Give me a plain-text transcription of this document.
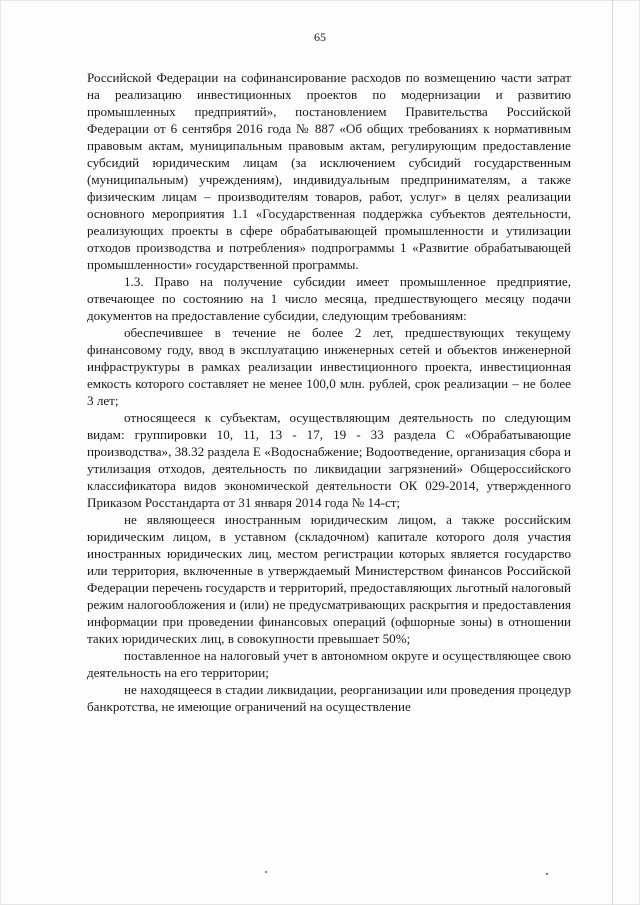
65

Российской Федерации на софинансирование расходов по возмещению части затрат на реализацию инвестиционных проектов по модернизации и развитию промышленных предприятий», постановлением Правительства Российской Федерации от 6 сентября 2016 года № 887 «Об общих требованиях к нормативным правовым актам, муниципальным правовым актам, регулирующим предоставление субсидий юридическим лицам (за исключением субсидий государственным (муниципальным) учреждениям), индивидуальным предпринимателям, а также физическим лицам – производителям товаров, работ, услуг» в целях реализации основного мероприятия 1.1 «Государственная поддержка субъектов деятельности, реализующих проекты в сфере обрабатывающей промышленности и утилизации отходов производства и потребления» подпрограммы 1 «Развитие обрабатывающей промышленности» государственной программы.

1.3. Право на получение субсидии имеет промышленное предприятие, отвечающее по состоянию на 1 число месяца, предшествующего месяцу подачи документов на предоставление субсидии, следующим требованиям:

обеспечившее в течение не более 2 лет, предшествующих текущему финансовому году, ввод в эксплуатацию инженерных сетей и объектов инженерной инфраструктуры в рамках реализации инвестиционного проекта, инвестиционная емкость которого составляет не менее 100,0 млн. рублей, срок реализации – не более 3 лет;

относящееся к субъектам, осуществляющим деятельность по следующим видам: группировки 10, 11, 13 - 17, 19 - 33 раздела С «Обрабатывающие производства», 38.32 раздела Е «Водоснабжение; Водоотведение, организация сбора и утилизация отходов, деятельность по ликвидации загрязнений» Общероссийского классификатора видов экономической деятельности ОК 029-2014, утвержденного Приказом Росстандарта от 31 января 2014 года № 14-ст;

не являющееся иностранным юридическим лицом, а также российским юридическим лицом, в уставном (складочном) капитале которого доля участия иностранных юридических лиц, местом регистрации которых является государство или территория, включенные в утверждаемый Министерством финансов Российской Федерации перечень государств и территорий, предоставляющих льготный налоговый режим налогообложения и (или) не предусматривающих раскрытия и предоставления информации при проведении финансовых операций (офшорные зоны) в отношении таких юридических лиц, в совокупности превышает 50%;

поставленное на налоговый учет в автономном округе и осуществляющее свою деятельность на его территории;

не находящееся в стадии ликвидации, реорганизации или проведения процедур банкротства, не имеющие ограничений на осуществление
